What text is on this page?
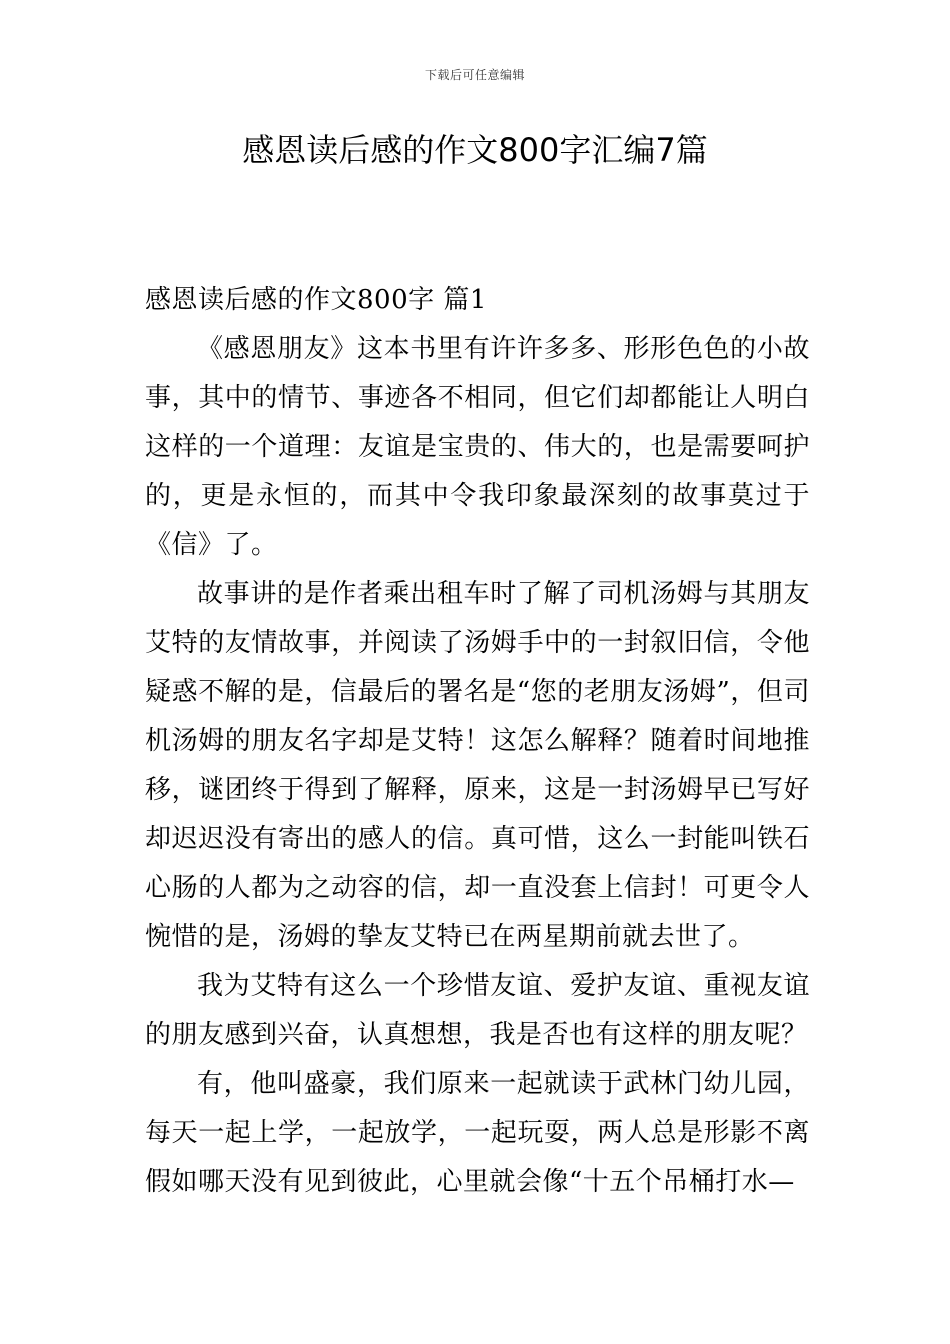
下载后可任意编辑
感恩读后感的作文800字汇编7篇

感恩读后感的作文800字 篇1

《感恩朋友》这本书里有许许多多、形形色色的小故事，其中的情节、事迹各不相同，但它们却都能让人明白这样的一个道理：友谊是宝贵的、伟大的，也是需要呵护的，更是永恒的，而其中令我印象最深刻的故事莫过于《信》了。

故事讲的是作者乘出租车时了解了司机汤姆与其朋友艾特的友情故事，并阅读了汤姆手中的一封叙旧信，令他疑惑不解的是，信最后的署名是“您的老朋友汤姆”，但司机汤姆的朋友名字却是艾特！这怎么解释？随着时间地推移，谜团终于得到了解释，原来，这是一封汤姆早已写好却迟迟没有寄出的感人的信。真可惜，这么一封能叫铁石心肠的人都为之动容的信，却一直没套上信封！可更令人惋惜的是，汤姆的挚友艾特已在两星期前就去世了。

我为艾特有这么一个珍惜友谊、爱护友谊、重视友谊的朋友感到兴奋，认真想想，我是否也有这样的朋友呢？

有，他叫盛豪，我们原来一起就读于武林门幼儿园，每天一起上学，一起放学，一起玩耍，两人总是形影不离假如哪天没有见到彼此，心里就会像“十五个吊桶打水—
